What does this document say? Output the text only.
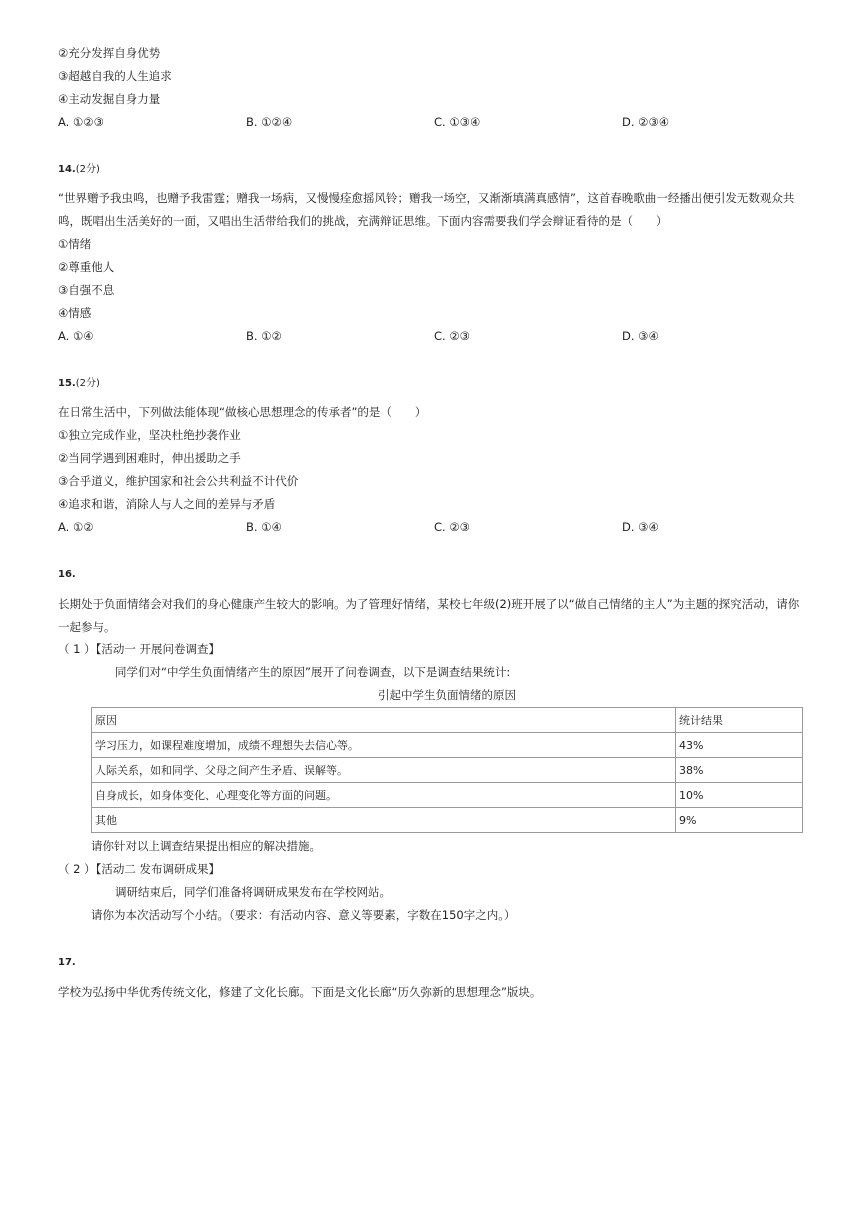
②充分发挥自身优势
③超越自我的人生追求
④主动发掘自身力量
A. ①②③	B. ①②④	C. ①③④	D. ②③④
14.(2分)
“世界赠予我虫鸣，也赠予我雷霆；赠我一场病，又慢慢痊愈摇风铃；赠我一场空，又渐渐填满真感情”，这首春晚歌曲一经播出便引发无数观众共
鸣，既唱出生活美好的一面，又唱出生活带给我们的挑战，充满辩证思维。下面内容需要我们学会辩证看待的是（　　）
①情绪
②尊重他人
③自强不息
④情感
A. ①④	B. ①②	C. ②③	D. ③④
15.(2分)
在日常生活中，下列做法能体现“做核心思想理念的传承者”的是（　　）
①独立完成作业，坚决杜绝抄袭作业
②当同学遇到困难时，伸出援助之手
③合乎道义，维护国家和社会公共利益不计代价
④追求和谐，消除人与人之间的差异与矛盾
A. ①②	B. ①④	C. ②③	D. ③④
16.
长期处于负面情绪会对我们的身心健康产生较大的影响。为了管理好情绪，某校七年级(2)班开展了以“做自己情绪的主人”为主题的探究活动，请你
一起参与。
（ 1 ）【活动一 开展问卷调查】
同学们对“中学生负面情绪产生的原因”展开了问卷调查，以下是调查结果统计:
引起中学生负面情绪的原因
原因	统计结果
学习压力，如课程难度增加，成绩不理想失去信心等。	43%
人际关系，如和同学、父母之间产生矛盾、误解等。	38%
自身成长，如身体变化、心理变化等方面的问题。	10%
其他	9%
请你针对以上调查结果提出相应的解决措施。
（ 2 ）【活动二 发布调研成果】
调研结束后，同学们准备将调研成果发布在学校网站。
请你为本次活动写个小结。（要求：有活动内容、意义等要素，字数在150字之内。）
17.
学校为弘扬中华优秀传统文化，修建了文化长廊。下面是文化长廊“历久弥新的思想理念”版块。
